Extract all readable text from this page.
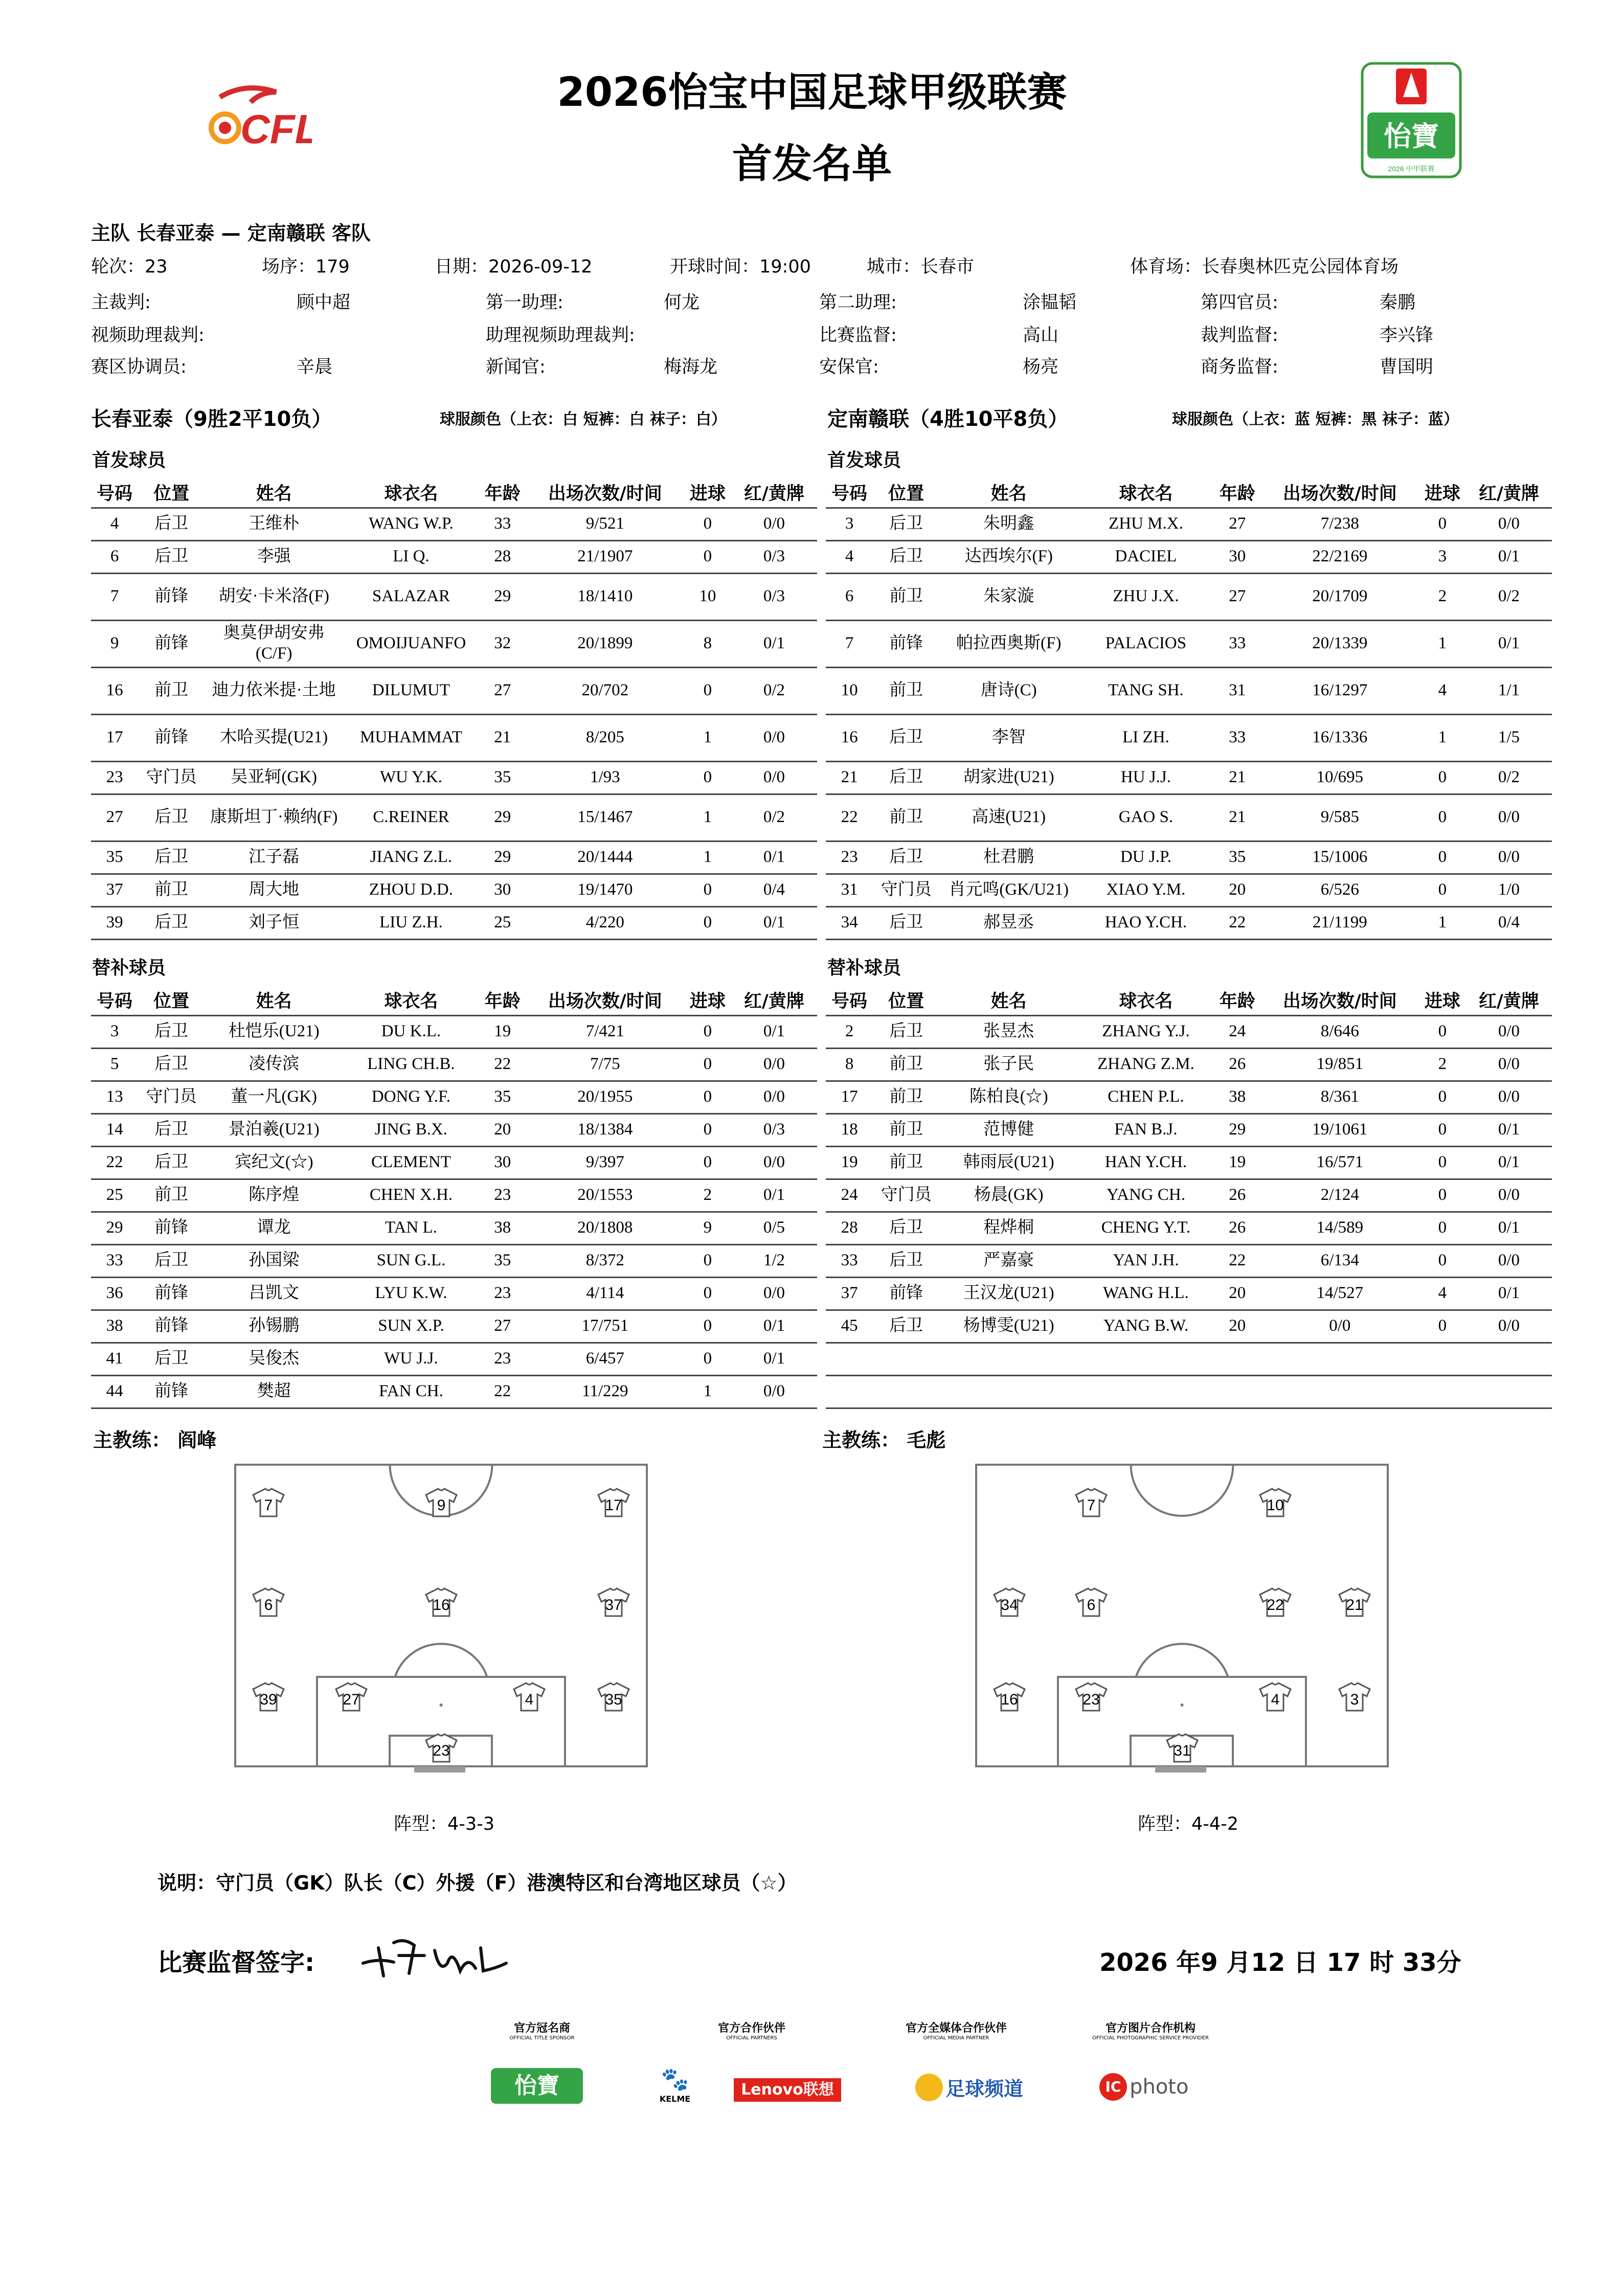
2026怡宝中国足球甲级联赛
首发名单
CFL	怡寶
2026 中甲联赛
主队 长春亚泰 — 定南赣联 客队
轮次：23	场序：179	日期：2026-09-12	开球时间：19:00	城市：长春市	体育场：长春奥林匹克公园体育场
主裁判:	顾中超	第一助理:	何龙	第二助理:	涂韫韬	第四官员:	秦鹏
视频助理裁判:	助理视频助理裁判:	比赛监督:	高山	裁判监督:	李兴锋
赛区协调员:	辛晨	新闻官:	梅海龙	安保官:	杨亮	商务监督:	曹国明
长春亚泰（9胜2平10负）	球服颜色（上衣：白 短裤：白 袜子：白）	定南赣联（4胜10平8负）	球服颜色（上衣：蓝 短裤：黑 袜子：蓝）
首发球员	首发球员
号码	位置	姓名	球衣名	年龄	出场次数/时间	进球	红/黄牌
4	后卫	王维朴	WANG W.P.	33	9/521	0	0/0
6	后卫	李强	LI Q.	28	21/1907	0	0/3
7	前锋	胡安·卡米洛(F)	SALAZAR	29	18/1410	10	0/3
9	前锋	奥莫伊胡安弗(C/F)	OMOIJUANFO	32	20/1899	8	0/1
16	前卫	迪力依米提·土地	DILUMUT	27	20/702	0	0/2
17	前锋	木哈买提(U21)	MUHAMMAT	21	8/205	1	0/0
23	守门员	吴亚轲(GK)	WU Y.K.	35	1/93	0	0/0
27	后卫	康斯坦丁·赖纳(F)	C.REINER	29	15/1467	1	0/2
35	后卫	江子磊	JIANG Z.L.	29	20/1444	1	0/1
37	前卫	周大地	ZHOU D.D.	30	19/1470	0	0/4
39	后卫	刘子恒	LIU Z.H.	25	4/220	0	0/1
号码	位置	姓名	球衣名	年龄	出场次数/时间	进球	红/黄牌
3	后卫	朱明鑫	ZHU M.X.	27	7/238	0	0/0
4	后卫	达西埃尔(F)	DACIEL	30	22/2169	3	0/1
6	前卫	朱家漩	ZHU J.X.	27	20/1709	2	0/2
7	前锋	帕拉西奥斯(F)	PALACIOS	33	20/1339	1	0/1
10	前卫	唐诗(C)	TANG SH.	31	16/1297	4	1/1
16	后卫	李智	LI ZH.	33	16/1336	1	1/5
21	后卫	胡家进(U21)	HU J.J.	21	10/695	0	0/2
22	前卫	高速(U21)	GAO S.	21	9/585	0	0/0
23	后卫	杜君鹏	DU J.P.	35	15/1006	0	0/0
31	守门员	肖元鸣(GK/U21)	XIAO Y.M.	20	6/526	0	1/0
34	后卫	郝昱丞	HAO Y.CH.	22	21/1199	1	0/4
替补球员	替补球员
号码	位置	姓名	球衣名	年龄	出场次数/时间	进球	红/黄牌
3	后卫	杜恺乐(U21)	DU K.L.	19	7/421	0	0/1
5	后卫	凌传滨	LING CH.B.	22	7/75	0	0/0
13	守门员	董一凡(GK)	DONG Y.F.	35	20/1955	0	0/0
14	后卫	景泊羲(U21)	JING B.X.	20	18/1384	0	0/3
22	后卫	宾纪文(☆)	CLEMENT	30	9/397	0	0/0
25	前卫	陈序煌	CHEN X.H.	23	20/1553	2	0/1
29	前锋	谭龙	TAN L.	38	20/1808	9	0/5
33	后卫	孙国梁	SUN G.L.	35	8/372	0	1/2
36	前锋	吕凯文	LYU K.W.	23	4/114	0	0/0
38	前锋	孙锡鹏	SUN X.P.	27	17/751	0	0/1
41	后卫	吴俊杰	WU J.J.	23	6/457	0	0/1
44	前锋	樊超	FAN CH.	22	11/229	1	0/0
号码	位置	姓名	球衣名	年龄	出场次数/时间	进球	红/黄牌
2	后卫	张昱杰	ZHANG Y.J.	24	8/646	0	0/0
8	前卫	张子民	ZHANG Z.M.	26	19/851	2	0/0
17	前卫	陈柏良(☆)	CHEN P.L.	38	8/361	0	0/0
18	前卫	范博健	FAN B.J.	29	19/1061	0	0/1
19	前卫	韩雨辰(U21)	HAN Y.CH.	19	16/571	0	0/1
24	守门员	杨晨(GK)	YANG CH.	26	2/124	0	0/0
28	后卫	程烨桐	CHENG Y.T.	26	14/589	0	0/1
33	后卫	严嘉豪	YAN J.H.	22	6/134	0	0/0
37	前锋	王汉龙(U21)	WANG H.L.	20	14/527	4	0/1
45	后卫	杨博雯(U21)	YANG B.W.	20	0/0	0	0/0

主教练： 阎峰	主教练： 毛彪
7	9	17
6	16	37
39	27	4	35
23
7	10
34	6	22	21
16	23	4	3
31
阵型：4-3-3	阵型：4-4-2
说明：守门员（GK）队长（C）外援（F）港澳特区和台湾地区球员（☆）
比赛监督签字:	2026 年9 月12 日 17 时 33分
官方冠名商
OFFICIAL TITLE SPONSOR
官方合作伙伴
OFFICIAL PARTNERS
官方全媒体合作伙伴
OFFICIAL MEDIA PARTNER
官方图片合作机构
OFFICIAL PHOTOGRAPHIC SERVICE PROVIDER
怡寶	🐾
KELME
Lenovo联想	足球频道	IC photo
